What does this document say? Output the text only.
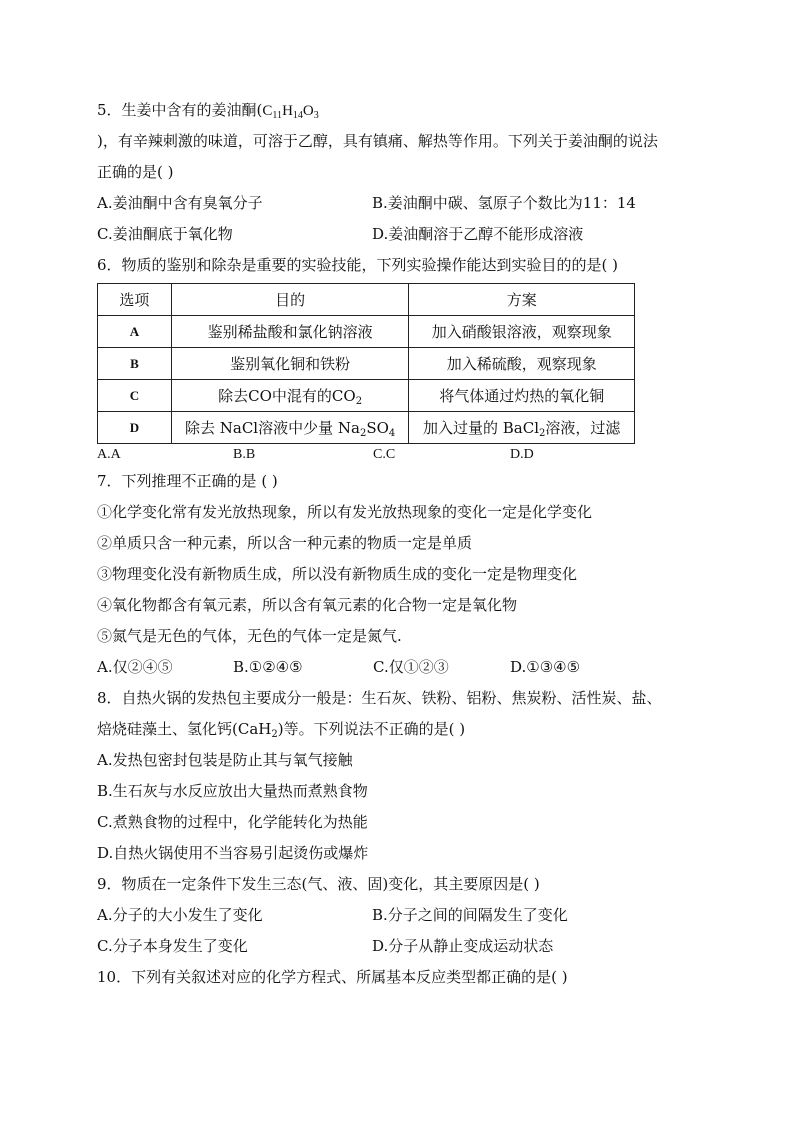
5．生姜中含有的姜油酮($C_{11}H_{14}O_3$
)，有辛辣刺激的味道，可溶于乙醇，具有镇痛、解热等作用。下列关于姜油酮的说法
正确的是( )
A.姜油酮中含有臭氧分子	B.姜油酮中碳、氢原子个数比为11：14
C.姜油酮底于氧化物	D.姜油酮溶于乙醇不能形成溶液
6．物质的鉴别和除杂是重要的实验技能，下列实验操作能达到实验目的的是( )
选项	目的	方案
A	鉴别稀盐酸和氯化钠溶液	加入硝酸银溶液，观察现象
B	鉴别氧化铜和铁粉	加入稀硫酸，观察现象
C	除去CO中混有的$CO_2$	将气体通过灼热的氧化铜
D	除去 NaCl溶液中少量 $Na_2SO_4$	加入过量的 BaCl$_2$溶液，过滤
A.A	B.B	C.C	D.D
7．下列推理不正确的是 ( )
①化学变化常有发光放热现象，所以有发光放热现象的变化一定是化学变化
②单质只含一种元素，所以含一种元素的物质一定是单质
③物理变化没有新物质生成，所以没有新物质生成的变化一定是物理变化
④氧化物都含有氧元素，所以含有氧元素的化合物一定是氧化物
⑤氮气是无色的气体，无色的气体一定是氮气.
A.仅②④⑤	B.①②④⑤	C.仅①②③	D.①③④⑤
8．自热火锅的发热包主要成分一般是：生石灰、铁粉、铝粉、焦炭粉、活性炭、盐、
焙烧硅藻土、氢化钙(CaH$_2$)等。下列说法不正确的是( )
A.发热包密封包装是防止其与氧气接触
B.生石灰与水反应放出大量热而煮熟食物
C.煮熟食物的过程中，化学能转化为热能
D.自热火锅使用不当容易引起烫伤或爆炸
9．物质在一定条件下发生三态(气、液、固)变化，其主要原因是( )
A.分子的大小发生了变化	B.分子之间的间隔发生了变化
C.分子本身发生了变化	D.分子从静止变成运动状态
10．下列有关叙述对应的化学方程式、所属基本反应类型都正确的是( )
